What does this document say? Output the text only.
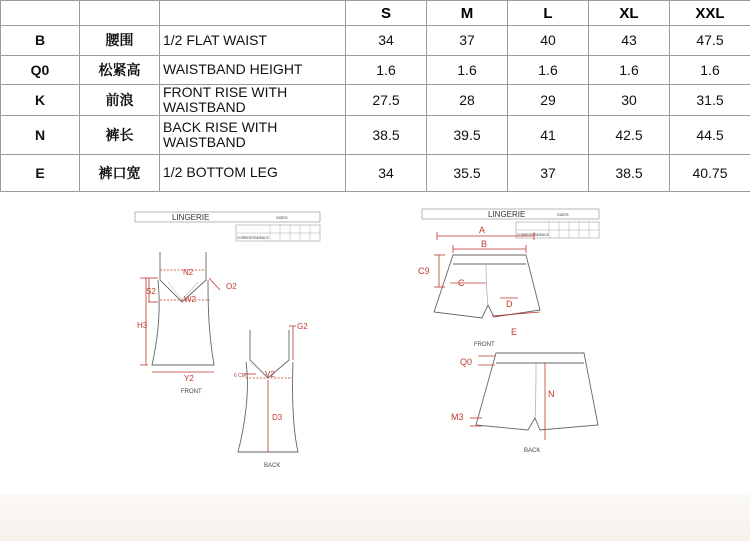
			S	M	L	XL	XXL
B	腰围	1/2 FLAT WAIST	34	37	40	43	47.5
Q0	松紧高	WAISTBAND HEIGHT	1.6	1.6	1.6	1.6	1.6
K	前浪	FRONT RISE WITH WAISTBAND	27.5	28	29	30	31.5
N	裤长	BACK RISE WITH WAISTBAND	38.5	39.5	41	42.5	44.5
E	裤口宽	1/2 BOTTOM LEG	34	35.5	37	38.5	40.75
LINGERIE	SIZES
CORRESPONDENCE
N2
S2
O2
W2
H3
Y2
FRONT
G2
6 CM V2
D3
BACK
LINGERIE	SIZES
CORRESPONDENCE
A
B
C9
C
D
E
FRONT
Q0
N
M3
BACK
